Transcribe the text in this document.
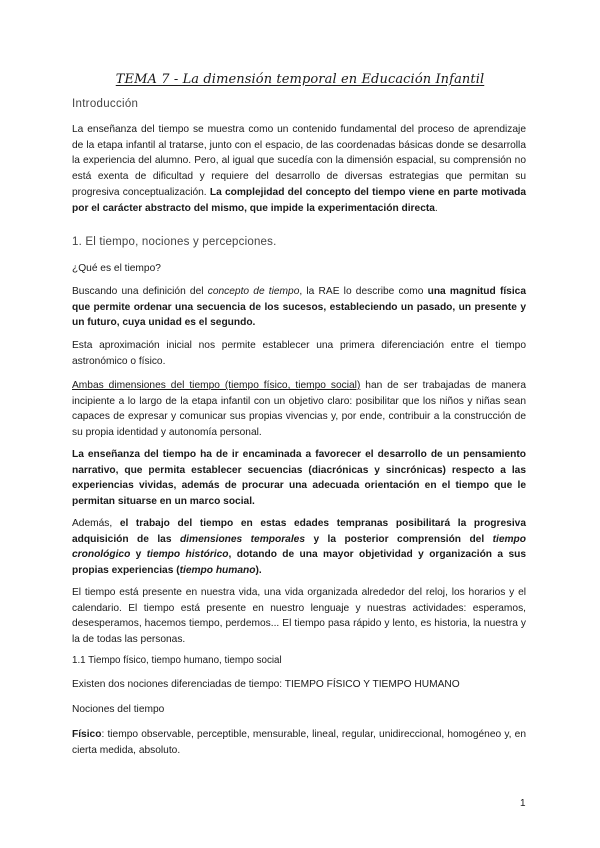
TEMA 7 - La dimensión temporal en Educación Infantil
Introducción
La enseñanza del tiempo se muestra como un contenido fundamental del proceso de aprendizaje de la etapa infantil al tratarse, junto con el espacio, de las coordenadas básicas donde se desarrolla la experiencia del alumno. Pero, al igual que sucedía con la dimensión espacial, su comprensión no está exenta de dificultad y requiere del desarrollo de diversas estrategias que permitan su progresiva conceptualización. La complejidad del concepto del tiempo viene en parte motivada por el carácter abstracto del mismo, que impide la experimentación directa.
1. El tiempo, nociones y percepciones.
¿Qué es el tiempo?
Buscando una definición del concepto de tiempo, la RAE lo describe como una magnitud física que permite ordenar una secuencia de los sucesos, estableciendo un pasado, un presente y un futuro, cuya unidad es el segundo.
Esta aproximación inicial nos permite establecer una primera diferenciación entre el tiempo astronómico o físico.
Ambas dimensiones del tiempo (tiempo físico, tiempo social) han de ser trabajadas de manera incipiente a lo largo de la etapa infantil con un objetivo claro: posibilitar que los niños y niñas sean capaces de expresar y comunicar sus propias vivencias y, por ende, contribuir a la construcción de su propia identidad y autonomía personal.
La enseñanza del tiempo ha de ir encaminada a favorecer el desarrollo de un pensamiento narrativo, que permita establecer secuencias (diacrónicas y sincrónicas) respecto a las experiencias vividas, además de procurar una adecuada orientación en el tiempo que le permitan situarse en un marco social.
Además, el trabajo del tiempo en estas edades tempranas posibilitará la progresiva adquisición de las dimensiones temporales y la posterior comprensión del tiempo cronológico y tiempo histórico, dotando de una mayor objetividad y organización a sus propias experiencias (tiempo humano).
El tiempo está presente en nuestra vida, una vida organizada alrededor del reloj, los horarios y el calendario. El tiempo está presente en nuestro lenguaje y nuestras actividades: esperamos, desesperamos, hacemos tiempo, perdemos... El tiempo pasa rápido y lento, es historia, la nuestra y la de todas las personas.
1.1 Tiempo físico, tiempo humano, tiempo social
Existen dos nociones diferenciadas de tiempo: TIEMPO FÍSICO Y TIEMPO HUMANO
Nociones del tiempo
Físico: tiempo observable, perceptible, mensurable, lineal, regular, unidireccional, homogéneo y, en cierta medida, absoluto.
1
